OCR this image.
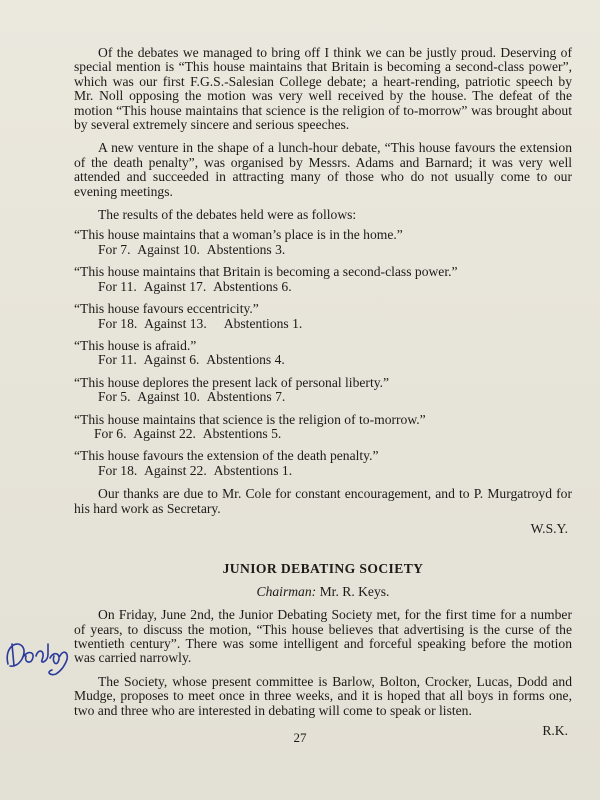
Of the debates we managed to bring off I think we can be justly proud. Deserving of special mention is “This house maintains that Britain is becoming a second-class power”, which was our first F.G.S.-Salesian College debate; a heart-rending, patriotic speech by Mr. Noll opposing the motion was very well received by the house. The defeat of the motion “This house maintains that science is the religion of to-morrow” was brought about by several extremely sincere and serious speeches.

A new venture in the shape of a lunch-hour debate, “This house favours the extension of the death penalty”, was organised by Messrs. Adams and Barnard; it was very well attended and succeeded in attracting many of those who do not usually come to our evening meetings.

The results of the debates held were as follows:

“This house maintains that a woman’s place is in the home.”

For 7. Against 10. Abstentions 3.

“This house maintains that Britain is becoming a second-class power.”

For 11. Against 17. Abstentions 6.

“This house favours eccentricity.”

For 18. Against 13. Abstentions 1.

“This house is afraid.”

For 11. Against 6. Abstentions 4.

“This house deplores the present lack of personal liberty.”

For 5. Against 10. Abstentions 7.

“This house maintains that science is the religion of to-morrow.”

For 6. Against 22. Abstentions 5.

“This house favours the extension of the death penalty.”

For 18. Against 22. Abstentions 1.

Our thanks are due to Mr. Cole for constant encouragement, and to P. Murgatroyd for his hard work as Secretary.

W.S.Y.

JUNIOR DEBATING SOCIETY

Chairman: Mr. R. Keys.

On Friday, June 2nd, the Junior Debating Society met, for the first time for a number of years, to discuss the motion, “This house believes that advertising is the curse of the twentieth century”. There was some intelligent and forceful speaking before the motion was carried narrowly.

The Society, whose present committee is Barlow, Bolton, Crocker, Lucas, Dodd and Mudge, proposes to meet once in three weeks, and it is hoped that all boys in forms one, two and three who are interested in debating will come to speak or listen.

R.K.

27
